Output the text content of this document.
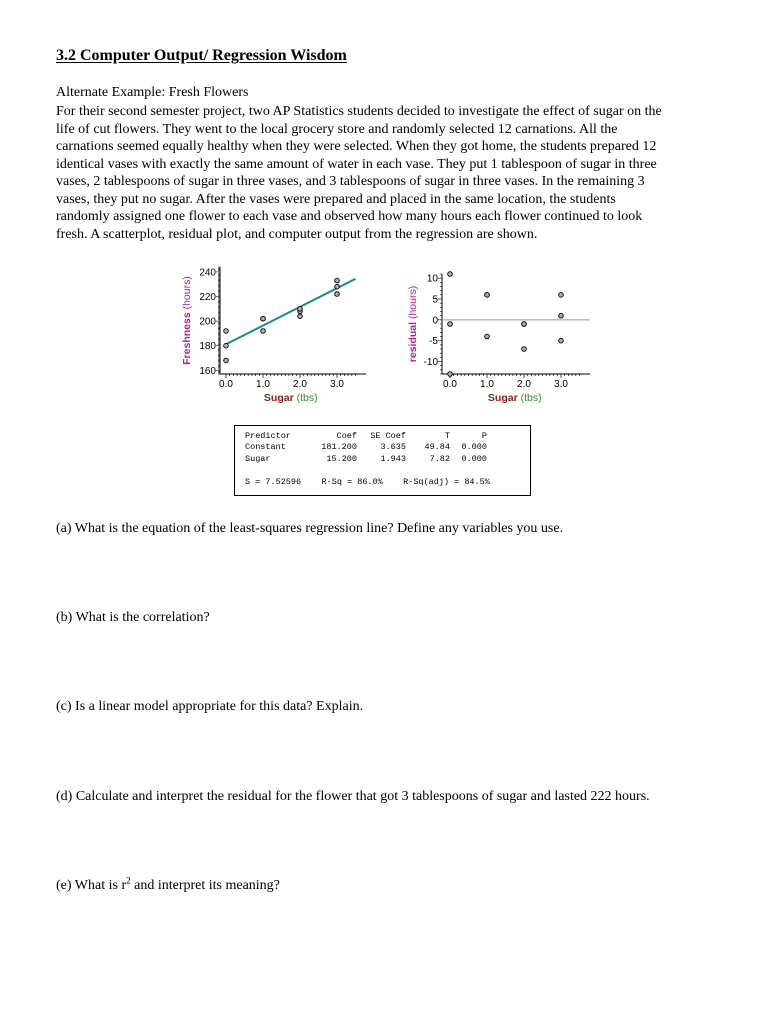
3.2 Computer Output/ Regression Wisdom
Alternate Example: Fresh Flowers
For their second semester project, two AP Statistics students decided to investigate the effect of sugar on the
life of cut flowers. They went to the local grocery store and randomly selected 12 carnations. All the
carnations seemed equally healthy when they were selected. When they got home, the students prepared 12
identical vases with exactly the same amount of water in each vase. They put 1 tablespoon of sugar in three
vases, 2 tablespoons of sugar in three vases, and 3 tablespoons of sugar in three vases. In the remaining 3
vases, they put no sugar. After the vases were prepared and placed in the same location, the students
randomly assigned one flower to each vase and observed how many hours each flower continued to look
fresh. A scatterplot, residual plot, and computer output from the regression are shown.
0.0 1.0 2.0 3.0
160
180
200
220
240
Sugar (tbs)
Freshness (hours)
0.0 1.0 2.0 3.0
-10
-5
0
5
10
Sugar (tbs)
residual (hours)
Predictor	Coef	SE Coef	T	P
Constant	181.200	3.635	49.84	0.000
Sugar	15.200	1.943	7.82	0.000
S = 7.52596    R-Sq = 86.0%    R-Sq(adj) = 84.5%
(a) What is the equation of the least-squares regression line? Define any variables you use.
(b) What is the correlation?
(c) Is a linear model appropriate for this data? Explain.
(d) Calculate and interpret the residual for the flower that got 3 tablespoons of sugar and lasted 222 hours.
(e) What is $r^2$ and interpret its meaning?
